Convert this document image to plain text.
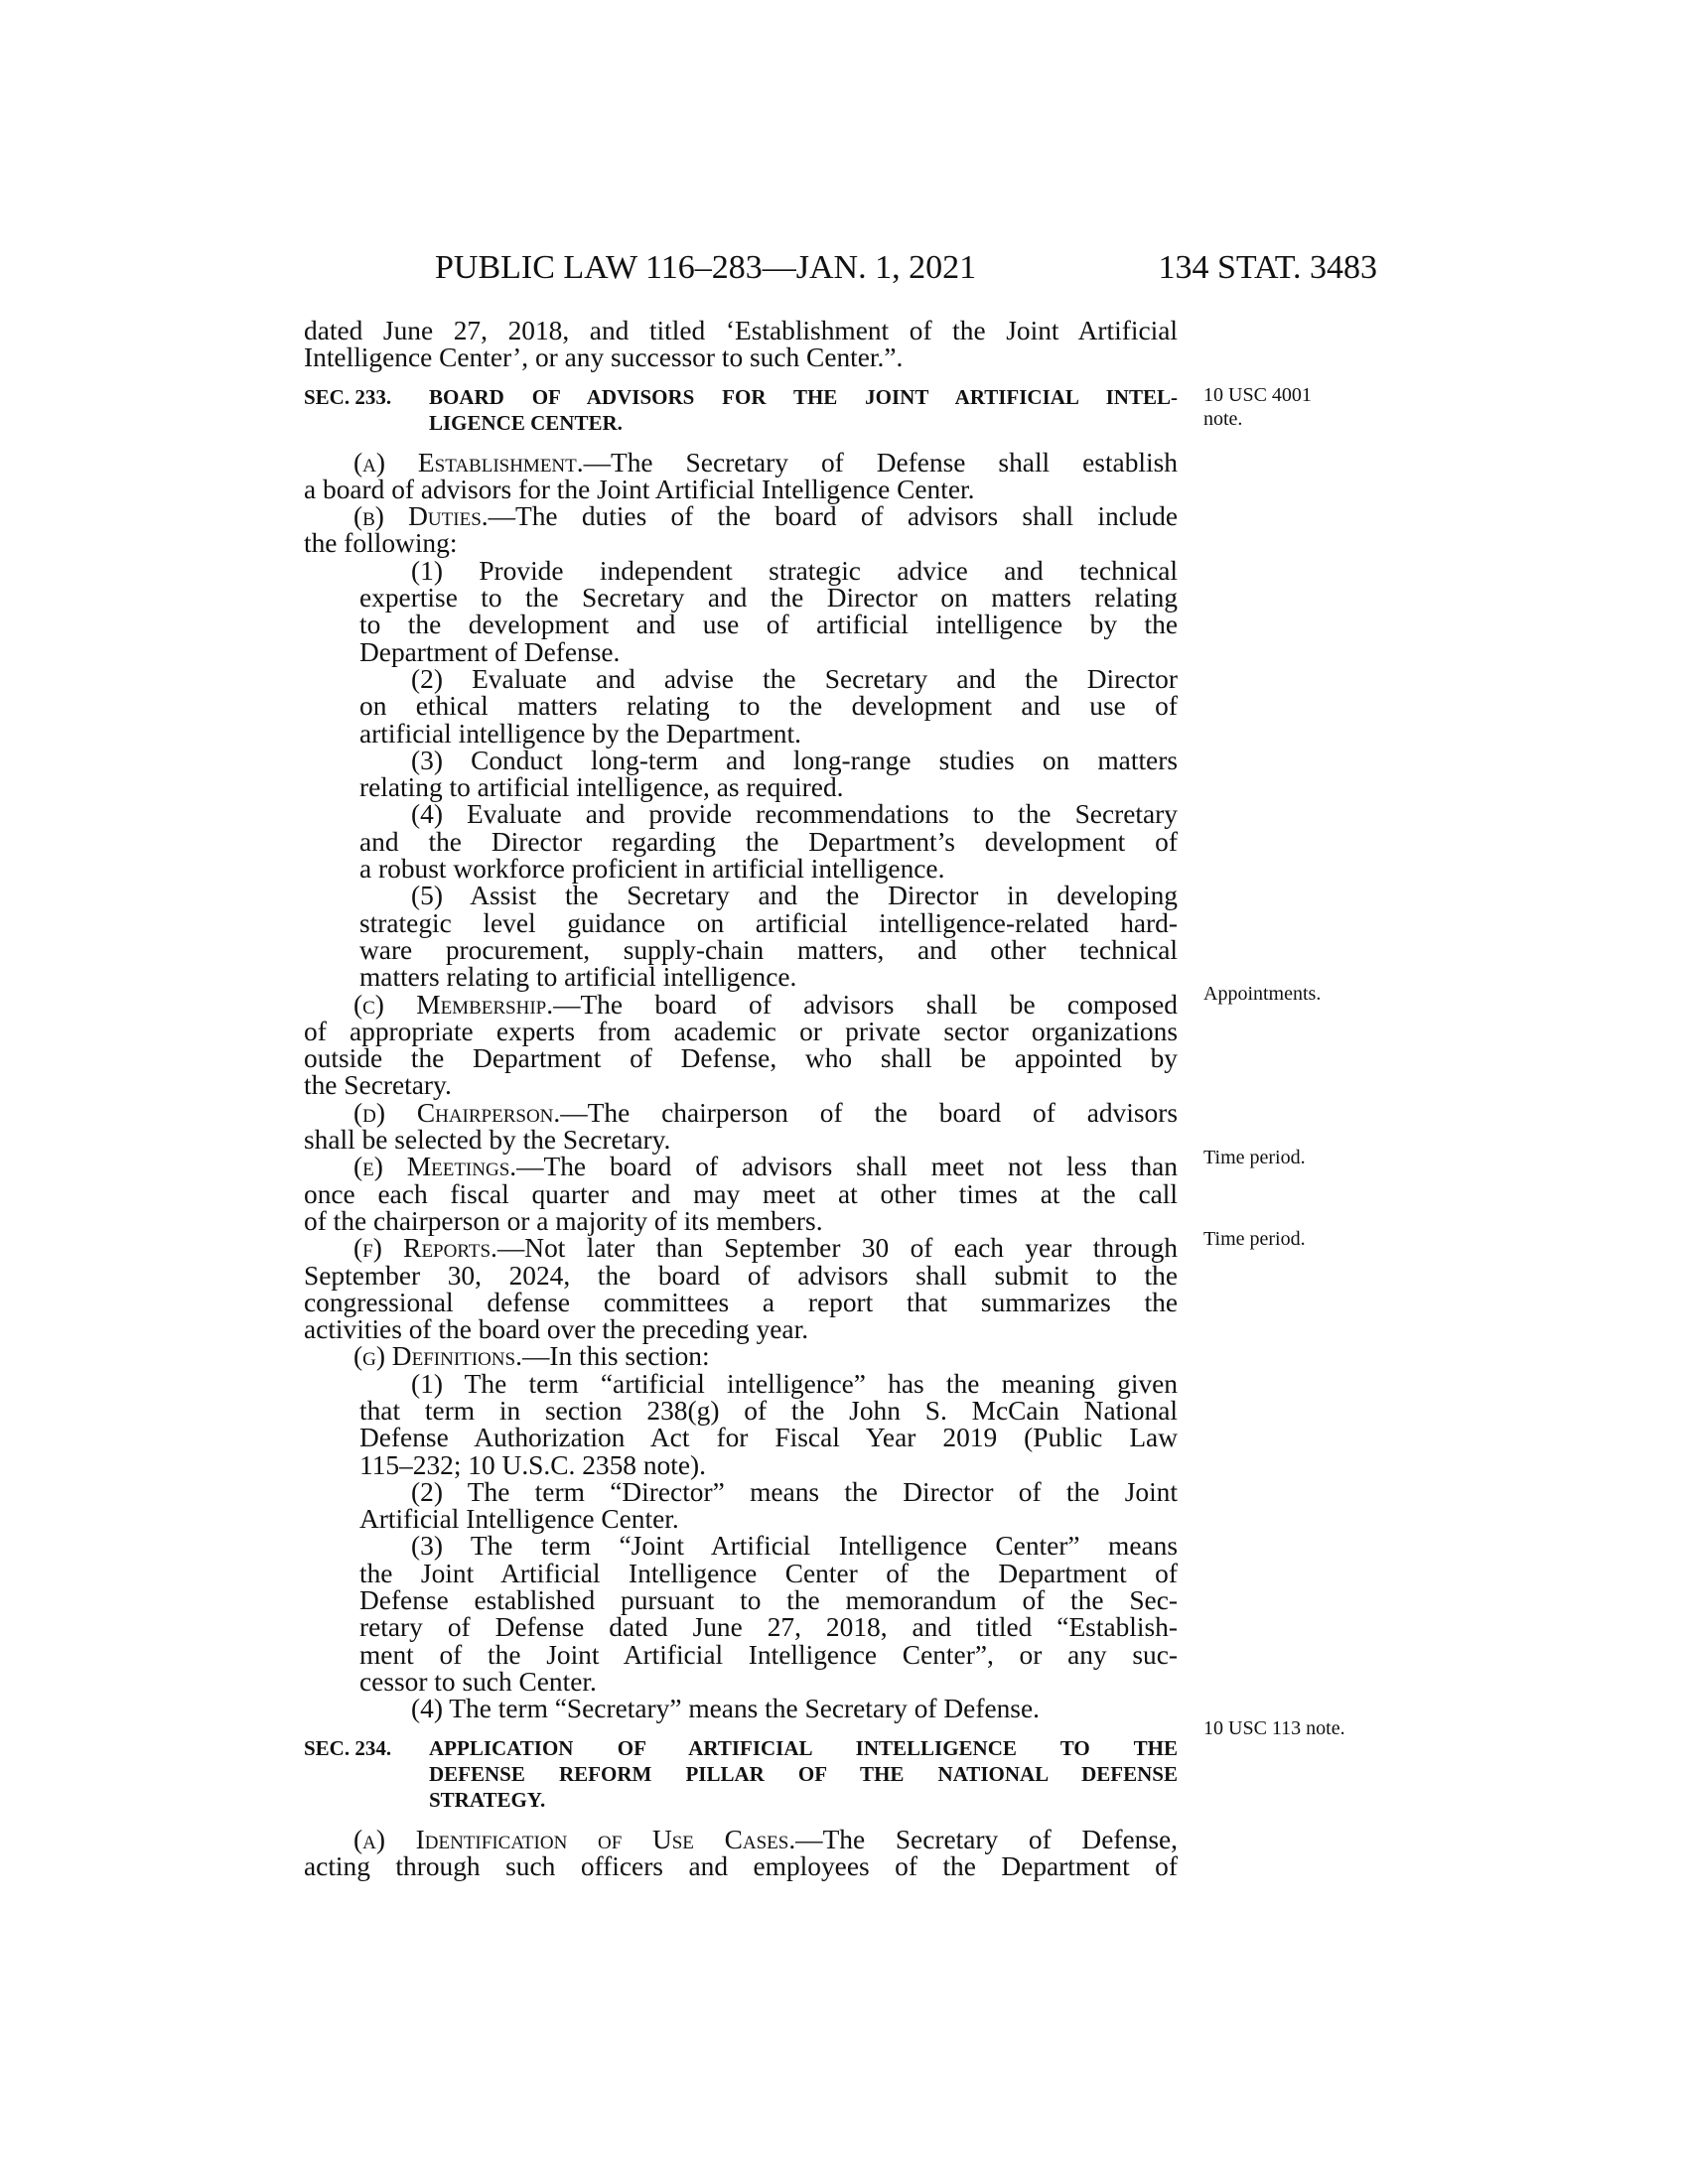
PUBLIC LAW 116–283—JAN. 1, 2021	134 STAT. 3483
10 USC 4001
note.
Appointments.
Time period.
Time period.
10 USC 113 note.
dated June 27, 2018, and titled ‘Establishment of the Joint Artificial
Intelligence Center’, or any successor to such Center.”.
SEC. 233.	BOARD OF ADVISORS FOR THE JOINT ARTIFICIAL INTEL-
LIGENCE CENTER.
(a) Establishment.—The Secretary of Defense shall establish
a board of advisors for the Joint Artificial Intelligence Center.
(b) Duties.—The duties of the board of advisors shall include
the following:
(1) Provide independent strategic advice and technical
expertise to the Secretary and the Director on matters relating
to the development and use of artificial intelligence by the
Department of Defense.
(2) Evaluate and advise the Secretary and the Director
on ethical matters relating to the development and use of
artificial intelligence by the Department.
(3) Conduct long-term and long-range studies on matters
relating to artificial intelligence, as required.
(4) Evaluate and provide recommendations to the Secretary
and the Director regarding the Department’s development of
a robust workforce proficient in artificial intelligence.
(5) Assist the Secretary and the Director in developing
strategic level guidance on artificial intelligence-related hard-
ware procurement, supply-chain matters, and other technical
matters relating to artificial intelligence.
(c) Membership.—The board of advisors shall be composed
of appropriate experts from academic or private sector organizations
outside the Department of Defense, who shall be appointed by
the Secretary.
(d) Chairperson.—The chairperson of the board of advisors
shall be selected by the Secretary.
(e) Meetings.—The board of advisors shall meet not less than
once each fiscal quarter and may meet at other times at the call
of the chairperson or a majority of its members.
(f) Reports.—Not later than September 30 of each year through
September 30, 2024, the board of advisors shall submit to the
congressional defense committees a report that summarizes the
activities of the board over the preceding year.
(g) Definitions.—In this section:
(1) The term “artificial intelligence” has the meaning given
that term in section 238(g) of the John S. McCain National
Defense Authorization Act for Fiscal Year 2019 (Public Law
115–232; 10 U.S.C. 2358 note).
(2) The term “Director” means the Director of the Joint
Artificial Intelligence Center.
(3) The term “Joint Artificial Intelligence Center” means
the Joint Artificial Intelligence Center of the Department of
Defense established pursuant to the memorandum of the Sec-
retary of Defense dated June 27, 2018, and titled “Establish-
ment of the Joint Artificial Intelligence Center”, or any suc-
cessor to such Center.
(4) The term “Secretary” means the Secretary of Defense.
SEC. 234.	APPLICATION OF ARTIFICIAL INTELLIGENCE TO THE
DEFENSE REFORM PILLAR OF THE NATIONAL DEFENSE
STRATEGY.
(a) Identification of Use Cases.—The Secretary of Defense,
acting through such officers and employees of the Department of
